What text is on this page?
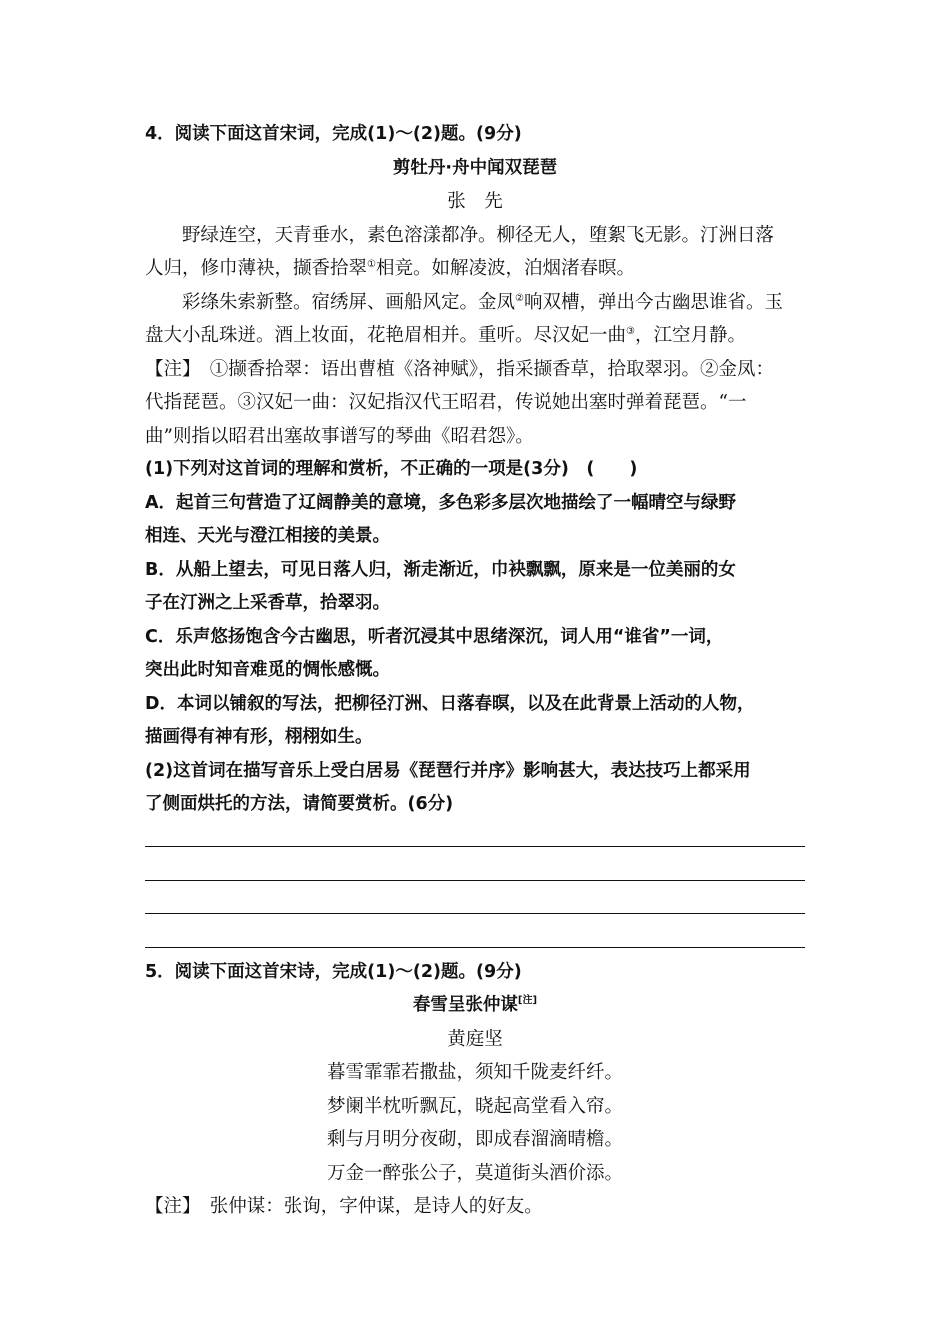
4．阅读下面这首宋词，完成(1)～(2)题。(9分)
剪牡丹·舟中闻双琵琶
张　先
野绿连空，天青垂水，素色溶漾都净。柳径无人，堕絮飞无影。汀洲日落
人归，修巾薄袂，撷香拾翠①相竞。如解凌波，泊烟渚春暝。
彩绦朱索新整。宿绣屏、画船风定。金凤②响双槽，弹出今古幽思谁省。玉
盘大小乱珠迸。酒上妆面，花艳眉相并。重听。尽汉妃一曲③，江空月静。
【注】　①撷香拾翠：语出曹植《洛神赋》，指采撷香草，拾取翠羽。②金凤：
代指琵琶。③汉妃一曲：汉妃指汉代王昭君，传说她出塞时弹着琵琶。“一
曲”则指以昭君出塞故事谱写的琴曲《昭君怨》。
(1)下列对这首词的理解和赏析，不正确的一项是(3分)　(　　)
A．起首三句营造了辽阔静美的意境，多色彩多层次地描绘了一幅晴空与绿野
相连、天光与澄江相接的美景。
B．从船上望去，可见日落人归，渐走渐近，巾袂飘飘，原来是一位美丽的女
子在汀洲之上采香草，拾翠羽。
C．乐声悠扬饱含今古幽思，听者沉浸其中思绪深沉，词人用“谁省”一词，
突出此时知音难觅的惆怅感慨。
D．本词以铺叙的写法，把柳径汀洲、日落春暝，以及在此背景上活动的人物，
描画得有神有形，栩栩如生。
(2)这首词在描写音乐上受白居易《琵琶行并序》影响甚大，表达技巧上都采用
了侧面烘托的方法，请简要赏析。(6分)
5．阅读下面这首宋诗，完成(1)～(2)题。(9分)
春雪呈张仲谋[注]
黄庭坚
暮雪霏霏若撒盐，须知千陇麦纤纤。
梦阑半枕听飘瓦，晓起高堂看入帘。
剩与月明分夜砌，即成春溜滴晴檐。
万金一醉张公子，莫道街头酒价添。
【注】　张仲谋：张询，字仲谋，是诗人的好友。
